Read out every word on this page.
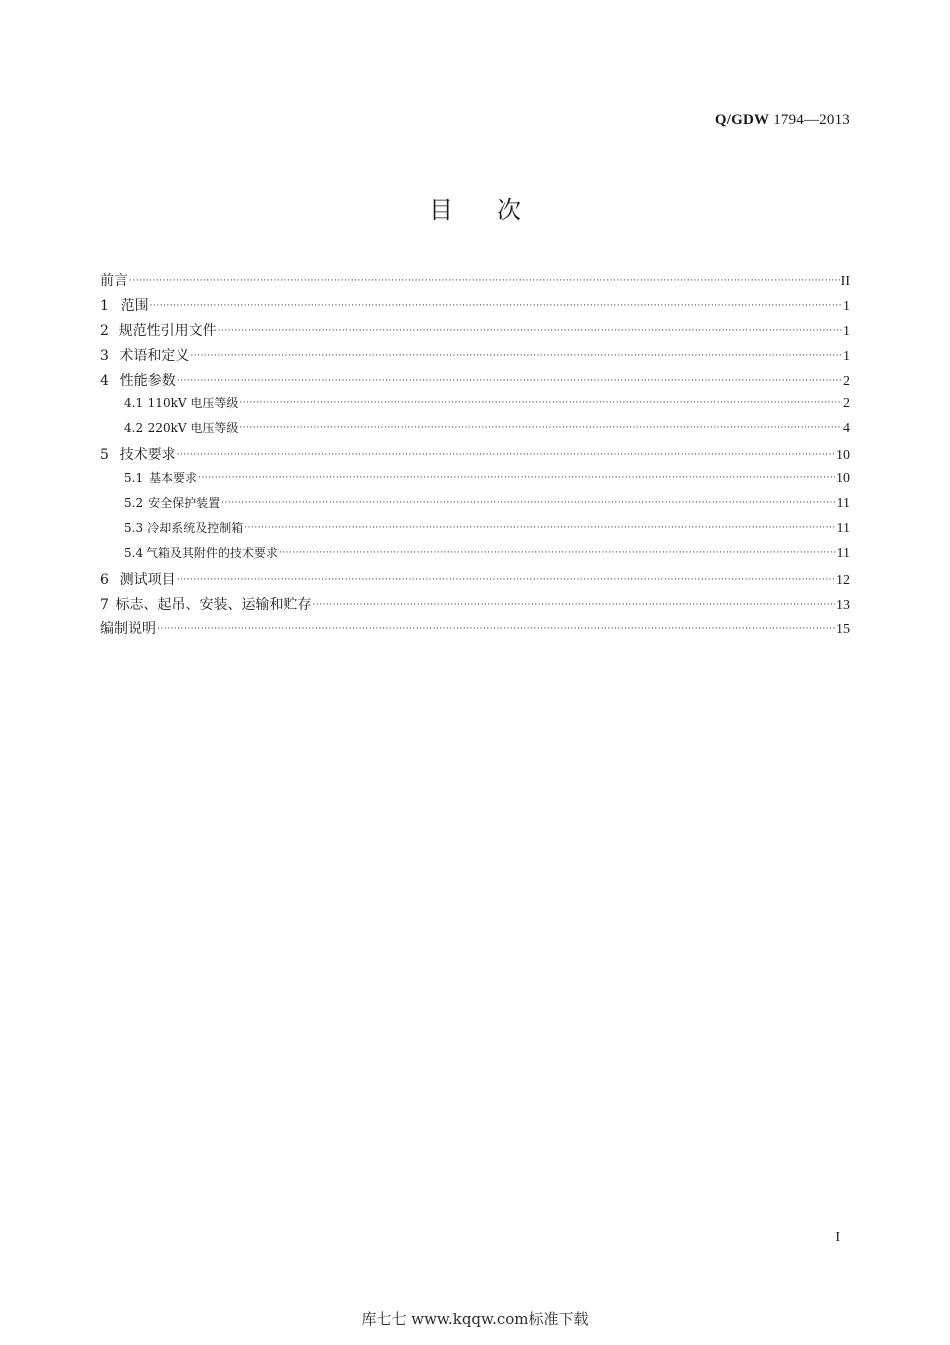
Q/GDW 1794—2013
目次
前言 ·····	II
1 范围 ·····	1
2 规范性引用文件 ·····	1
3 术语和定义 ·····	1
4 性能参数 ·····	2
4.1 110kV 电压等级 ·····	2
4.2 220kV 电压等级 ·····	4
5 技术要求 ·····	10
5.1 基本要求 ·····	10
5.2 安全保护装置 ·····	11
5.3 冷却系统及控制箱 ·····	11
5.4 气箱及其附件的技术要求 ·····	11
6 测试项目 ·····	12
7 标志、起吊、安装、运输和贮存 ·····	13
编制说明 ·····	15
I
库七七 www.kqqw.com标准下载
